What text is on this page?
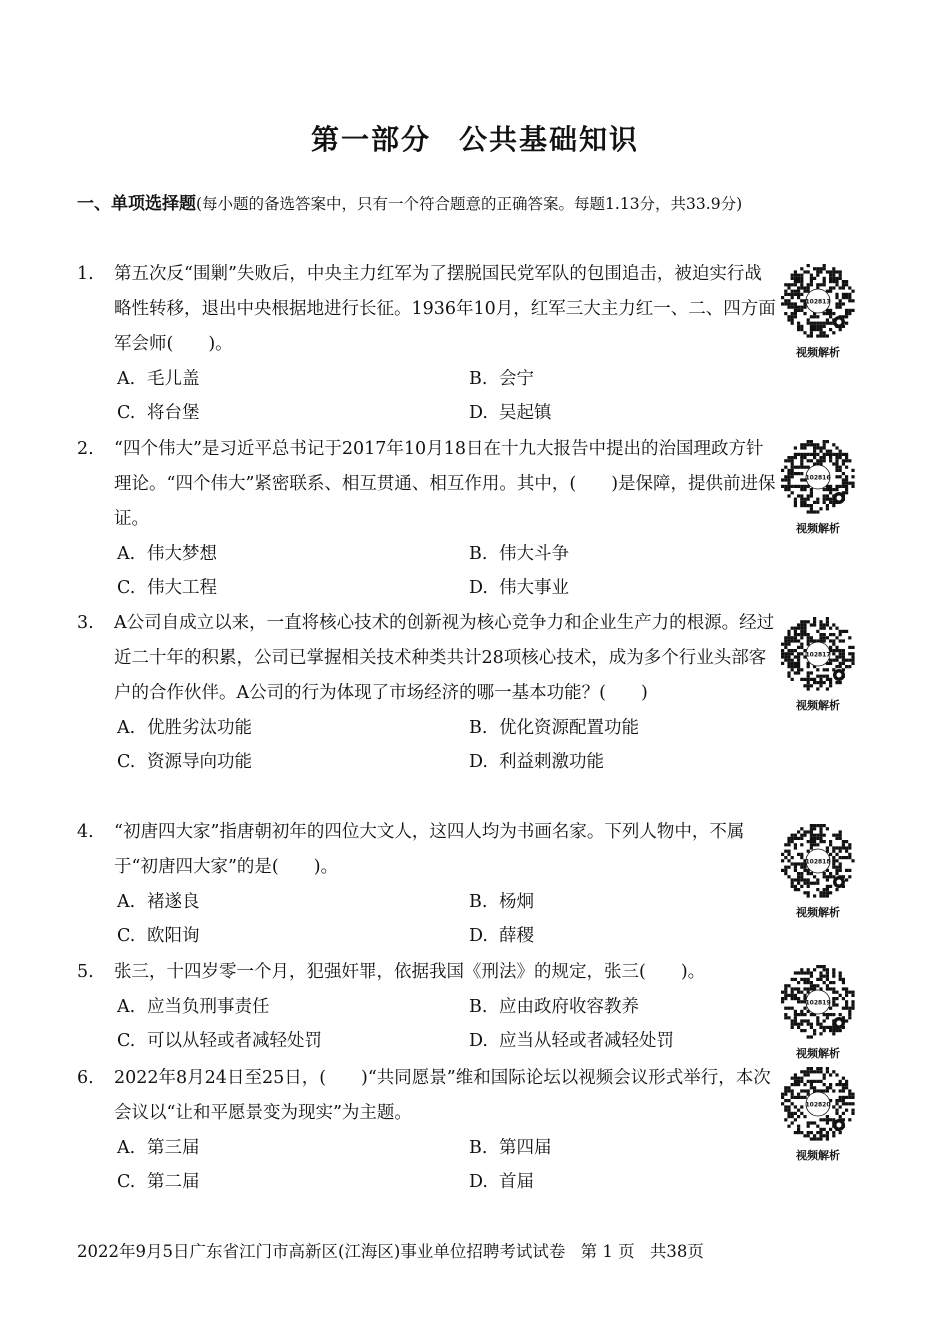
第一部分 公共基础知识
一、单项选择题(每小题的备选答案中，只有一个符合题意的正确答案。每题1.13分，共33.9分)
1. 第五次反“围剿”失败后，中央主力红军为了摆脱国民党军队的包围追击，被迫实行战略性转移，退出中央根据地进行长征。1936年10月，红军三大主力红一、二、四方面军会师(　　)。
A. 毛儿盖	B. 会宁
C. 将台堡	D. 吴起镇
102813
视频解析
2. “四个伟大”是习近平总书记于2017年10月18日在十九大报告中提出的治国理政方针理论。“四个伟大”紧密联系、相互贯通、相互作用。其中，(　　)是保障，提供前进保证。
A. 伟大梦想	B. 伟大斗争
C. 伟大工程	D. 伟大事业
102816
视频解析
3. A公司自成立以来，一直将核心技术的创新视为核心竞争力和企业生产力的根源。经过近二十年的积累，公司已掌握相关技术种类共计28项核心技术，成为多个行业头部客户的合作伙伴。A公司的行为体现了市场经济的哪一基本功能？(　　)
A. 优胜劣汰功能	B. 优化资源配置功能
C. 资源导向功能	D. 利益刺激功能
102817
视频解析
4. “初唐四大家”指唐朝初年的四位大文人，这四人均为书画名家。下列人物中，不属于“初唐四大家”的是(　　)。
A. 褚遂良	B. 杨炯
C. 欧阳询	D. 薛稷
102818
视频解析
5. 张三，十四岁零一个月，犯强奸罪，依据我国《刑法》的规定，张三(　　)。
A. 应当负刑事责任	B. 应由政府收容教养
C. 可以从轻或者减轻处罚	D. 应当从轻或者减轻处罚
102819
视频解析
6. 2022年8月24日至25日，(　　)“共同愿景”维和国际论坛以视频会议形式举行，本次会议以“让和平愿景变为现实”为主题。
A. 第三届	B. 第四届
C. 第二届	D. 首届
102820
视频解析
2022年9月5日广东省江门市高新区(江海区)事业单位招聘考试试卷 第 1 页 共38页
